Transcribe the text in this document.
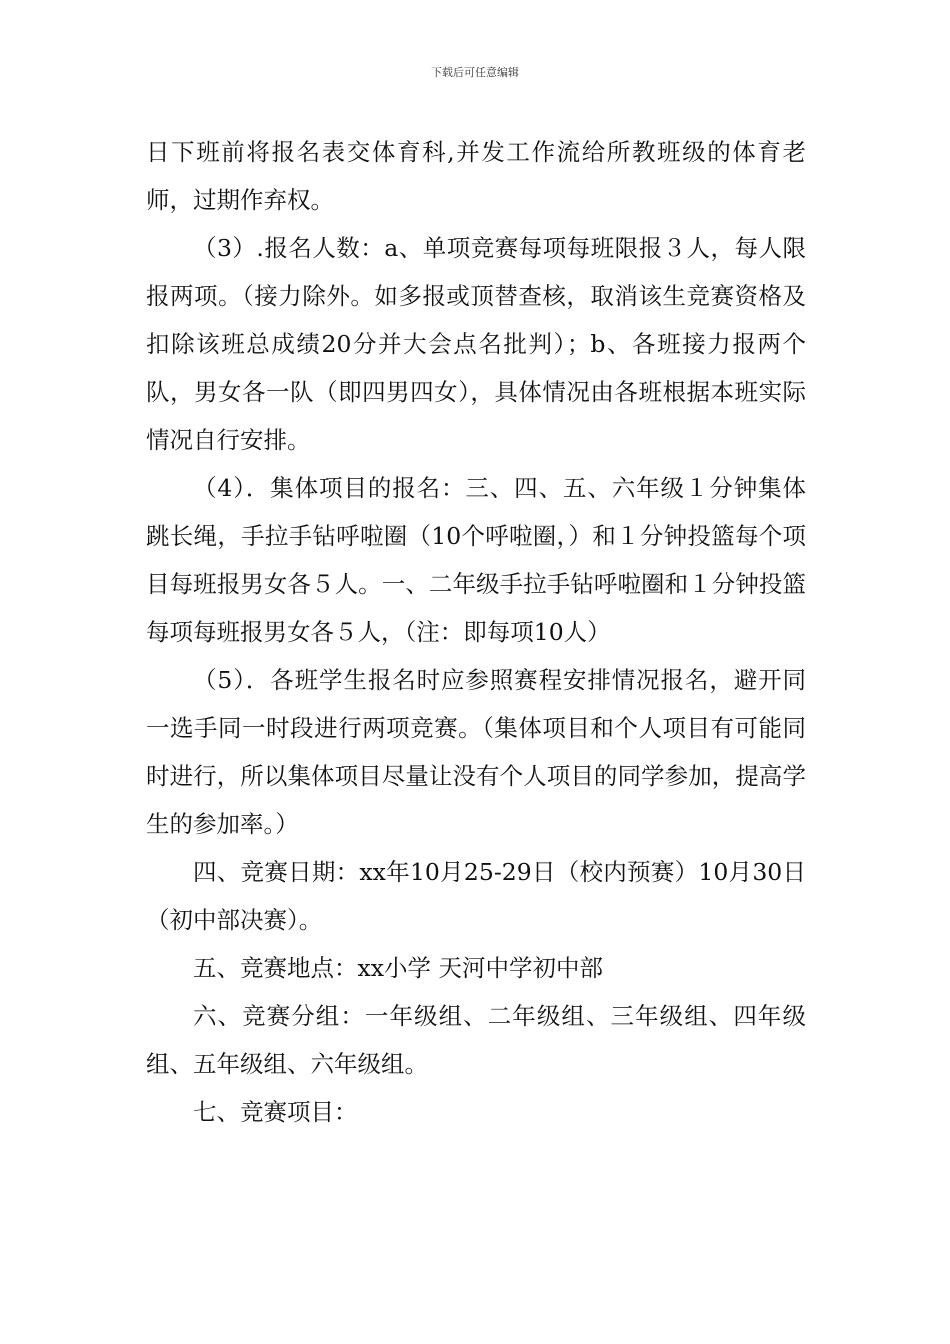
下载后可任意编辑

日下班前将报名表交体育科,并发工作流给所教班级的体育老师，过期作弃权。

（3）.报名人数：a、单项竞赛每项每班限报３人，每人限报两项。（接力除外。如多报或顶替查核，取消该生竞赛资格及扣除该班总成绩20分并大会点名批判）；b、各班接力报两个队，男女各一队（即四男四女），具体情况由各班根据本班实际情况自行安排。

（4）．集体项目的报名：三、四、五、六年级１分钟集体跳长绳，手拉手钻呼啦圈（10个呼啦圈，）和１分钟投篮每个项目每班报男女各５人。一、二年级手拉手钻呼啦圈和１分钟投篮每项每班报男女各５人，（注：即每项10人）

（5）．各班学生报名时应参照赛程安排情况报名，避开同一选手同一时段进行两项竞赛。（集体项目和个人项目有可能同时进行，所以集体项目尽量让没有个人项目的同学参加，提高学生的参加率。）

四、竞赛日期：xx年10月25-29日（校内预赛）10月30日（初中部决赛）。

五、竞赛地点：xx小学 天河中学初中部

六、竞赛分组：一年级组、二年级组、三年级组、四年级组、五年级组、六年级组。

七、竞赛项目：
